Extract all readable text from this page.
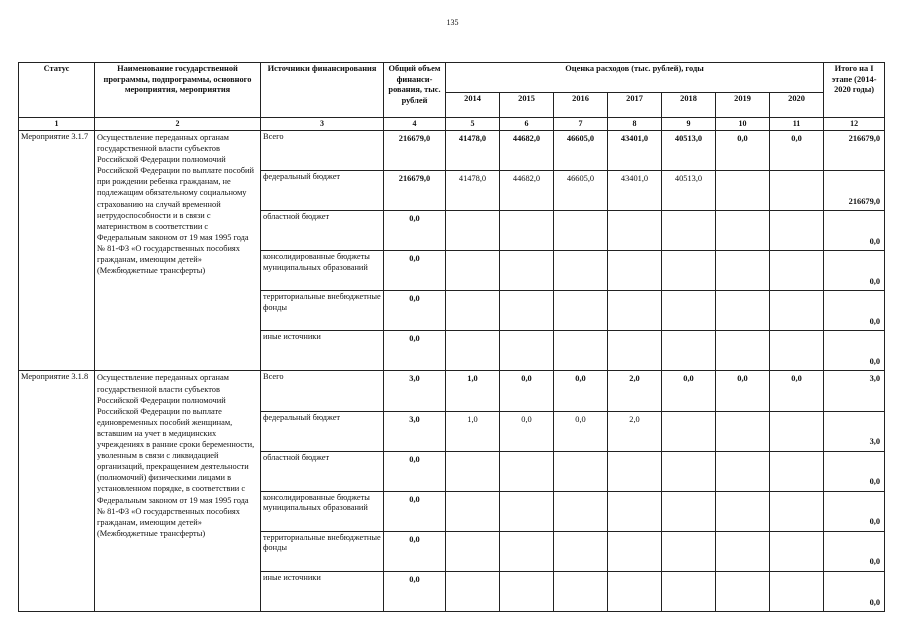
135
Статус	Наименование государственной программы, подпрограммы, основного мероприятия, мероприятия	Источники финансирования	Общий объем финанси-рования, тыс. рублей	Оценка расходов (тыс. рублей), годы							Итого на I этапе (2014-2020 годы)
				2014	2015	2016	2017	2018	2019	2020	
1	2	3	4	5	6	7	8	9	10	11	12
Мероприятие 3.1.7	Осуществление переданных органам государственной власти субъектов Российской Федерации полномочий Российской Федерации по выплате пособий при рождении ребенка гражданам, не подлежащим обязательному социальному страхованию на случай временной нетрудоспособности и в связи с материнством в соответствии с Федеральным законом от 19 мая 1995 года № 81-ФЗ «О государственных пособиях гражданам, имеющим детей» (Межбюджетные трансферты)	Всего	216679,0	41478,0	44682,0	46605,0	43401,0	40513,0	0,0	0,0	216679,0
		федеральный бюджет	216679,0	41478,0	44682,0	46605,0	43401,0	40513,0			216679,0
		областной бюджет	0,0								0,0
		консолидированные бюджеты муниципальных образований	0,0								0,0
		территориальные внебюджетные фонды	0,0								0,0
		иные источники	0,0								0,0
Мероприятие 3.1.8	Осуществление переданных органам государственной власти субъектов Российской Федерации полномочий Российской Федерации по выплате единовременных пособий женщинам, вставшим на учет в медицинских учреждениях в ранние сроки беременности, уволенным в связи с ликвидацией организаций, прекращением деятельности (полномочий) физическими лицами в установленном порядке, в соответствии с Федеральным законом от 19 мая 1995 года № 81-ФЗ «О государственных пособиях гражданам, имеющим детей» (Межбюджетные трансферты)	Всего	3,0	1,0	0,0	0,0	2,0	0,0	0,0	0,0	3,0
		федеральный бюджет	3,0	1,0	0,0	0,0	2,0				3,0
		областной бюджет	0,0								0,0
		консолидированные бюджеты муниципальных образований	0,0								0,0
		территориальные внебюджетные фонды	0,0								0,0
		иные источники	0,0								0,0
